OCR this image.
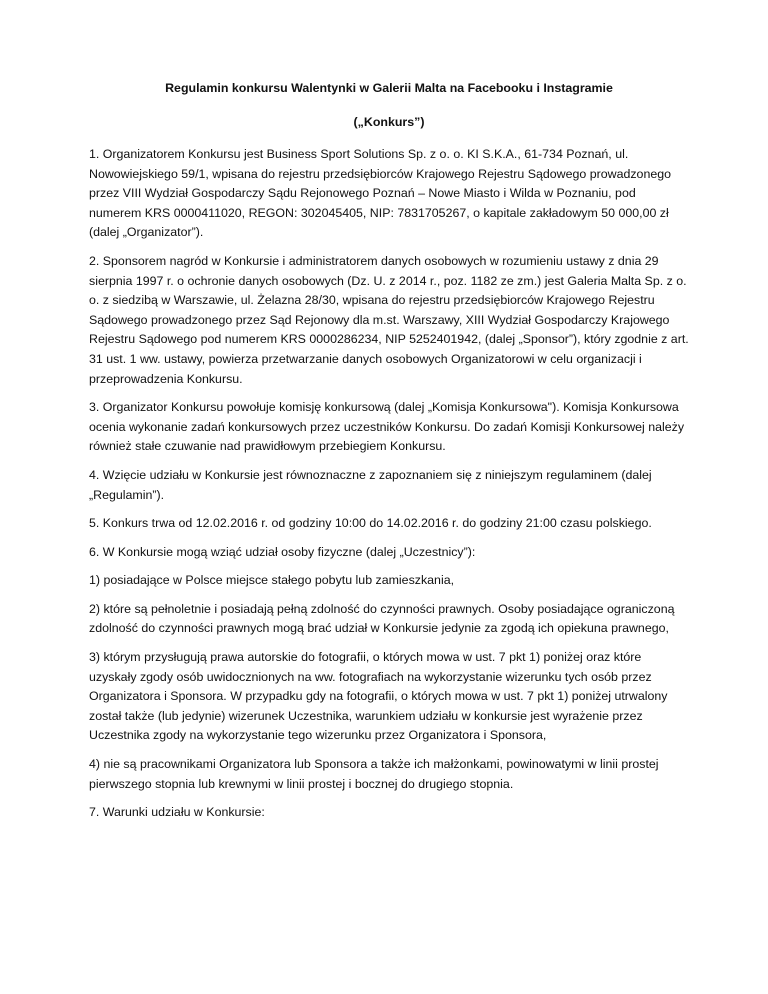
Regulamin konkursu Walentynki w Galerii Malta na Facebooku i Instagramie

(„Konkurs”)

1. Organizatorem Konkursu jest Business Sport Solutions Sp. z o. o. KI S.K.A., 61-734 Poznań, ul. Nowowiejskiego 59/1, wpisana do rejestru przedsiębiorców Krajowego Rejestru Sądowego prowadzonego przez VIII Wydział Gospodarczy Sądu Rejonowego Poznań – Nowe Miasto i Wilda w Poznaniu, pod numerem KRS 0000411020, REGON: 302045405, NIP: 7831705267, o kapitale zakładowym 50 000,00 zł (dalej „Organizator”).

2. Sponsorem nagród w Konkursie i administratorem danych osobowych w rozumieniu ustawy z dnia 29 sierpnia 1997 r. o ochronie danych osobowych (Dz. U. z 2014 r., poz. 1182 ze zm.) jest Galeria Malta Sp. z o. o. z siedzibą w Warszawie, ul. Żelazna 28/30, wpisana do rejestru przedsiębiorców Krajowego Rejestru Sądowego prowadzonego przez Sąd Rejonowy dla m.st. Warszawy, XIII Wydział Gospodarczy Krajowego Rejestru Sądowego pod numerem KRS 0000286234, NIP 5252401942, (dalej „Sponsor”), który zgodnie z art. 31 ust. 1 ww. ustawy, powierza przetwarzanie danych osobowych Organizatorowi w celu organizacji i przeprowadzenia Konkursu.

3. Organizator Konkursu powołuje komisję konkursową (dalej „Komisja Konkursowa"). Komisja Konkursowa ocenia wykonanie zadań konkursowych przez uczestników Konkursu. Do zadań Komisji Konkursowej należy również stałe czuwanie nad prawidłowym przebiegiem Konkursu.

4. Wzięcie udziału w Konkursie jest równoznaczne z zapoznaniem się z niniejszym regulaminem (dalej „Regulamin”).

5. Konkurs trwa od 12.02.2016 r. od godziny 10:00 do 14.02.2016 r. do godziny 21:00 czasu polskiego.

6. W Konkursie mogą wziąć udział osoby fizyczne (dalej „Uczestnicy”):

1) posiadające w Polsce miejsce stałego pobytu lub zamieszkania,

2) które są pełnoletnie i posiadają pełną zdolność do czynności prawnych. Osoby posiadające ograniczoną zdolność do czynności prawnych mogą brać udział w Konkursie jedynie za zgodą ich opiekuna prawnego,

3) którym przysługują prawa autorskie do fotografii, o których mowa w ust. 7 pkt 1) poniżej oraz które uzyskały zgody osób uwidocznionych na ww. fotografiach na wykorzystanie wizerunku tych osób przez Organizatora i Sponsora. W przypadku gdy na fotografii, o których mowa w ust. 7 pkt 1) poniżej utrwalony został także (lub jedynie) wizerunek Uczestnika, warunkiem udziału w konkursie jest wyrażenie przez Uczestnika zgody na wykorzystanie tego wizerunku przez Organizatora i Sponsora,

4) nie są pracownikami Organizatora lub Sponsora a także ich małżonkami, powinowatymi w linii prostej pierwszego stopnia lub krewnymi w linii prostej i bocznej do drugiego stopnia.

7. Warunki udziału w Konkursie:
